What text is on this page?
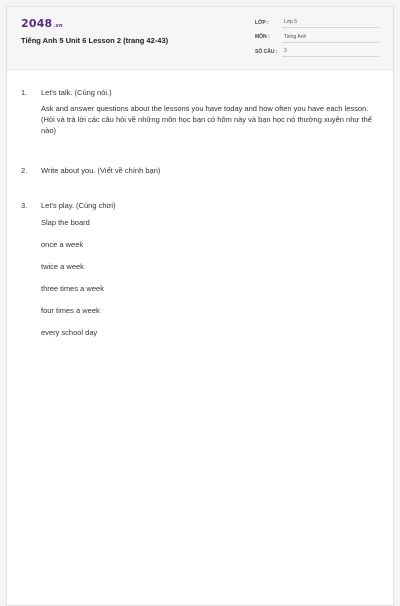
2048.vn
Tiếng Anh 5 Unit 6 Lesson 2 (trang 42-43)
LỚP :	Lớp 5
MÔN :	Tiếng Anh
SỐ CÂU :	3
1. Let's talk. (Cùng nói.)
Ask and answer questions about the lessons you have today and how often you have each lesson. (Hỏi và trả lời các câu hỏi về những môn học bạn có hôm này và bạn học nó thường xuyên như thế nào)
2. Write about you. (Viết về chính bạn)
3. Let's play. (Cùng chơi)
Slap the board
once a week
twice a week
three times a week
four times a week
every school day
